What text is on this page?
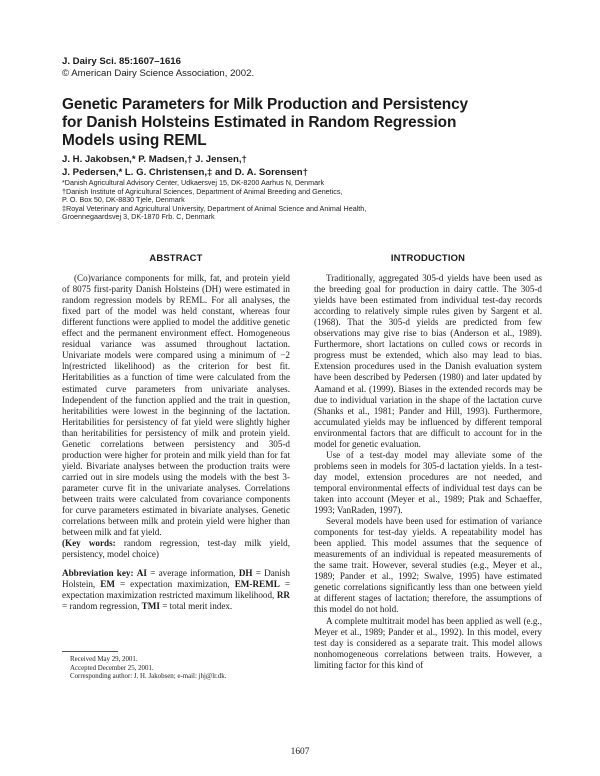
J. Dairy Sci. 85:1607–1616
© American Dairy Science Association, 2002.
Genetic Parameters for Milk Production and Persistency for Danish Holsteins Estimated in Random Regression Models using REML
J. H. Jakobsen,* P. Madsen,† J. Jensen,†
J. Pedersen,* L. G. Christensen,‡ and D. A. Sorensen†
*Danish Agricultural Advisory Center, Udkaersvej 15, DK-8200 Aarhus N, Denmark
†Danish Institute of Agricultural Sciences, Department of Animal Breeding and Genetics,
P. O. Box 50, DK-8830 Tjele, Denmark
‡Royal Veterinary and Agricultural University, Department of Animal Science and Animal Health,
Groennegaardsvej 3, DK-1870 Frb. C, Denmark
ABSTRACT

(Co)variance components for milk, fat, and protein yield of 8075 first-parity Danish Holsteins (DH) were estimated in random regression models by REML. For all analyses, the fixed part of the model was held constant, whereas four different functions were applied to model the additive genetic effect and the permanent environment effect. Homogeneous residual variance was assumed throughout lactation. Univariate models were compared using a minimum of −2 ln(restricted likelihood) as the criterion for best fit. Heritabilities as a function of time were calculated from the estimated curve parameters from univariate analyses. Independent of the function applied and the trait in question, heritabilities were lowest in the beginning of the lactation. Heritabilities for persistency of fat yield were slightly higher than heritabilities for persistency of milk and protein yield. Genetic correlations between persistency and 305-d production were higher for protein and milk yield than for fat yield. Bivariate analyses between the production traits were carried out in sire models using the models with the best 3-parameter curve fit in the univariate analyses. Correlations between traits were calculated from covariance components for curve parameters estimated in bivariate analyses. Genetic correlations between milk and protein yield were higher than between milk and fat yield.

(Key words: random regression, test-day milk yield, persistency, model choice)

Abbreviation key: AI = average information, DH = Danish Holstein, EM = expectation maximization, EM-REML = expectation maximization restricted maximum likelihood, RR = random regression, TMI = total merit index.

INTRODUCTION

Traditionally, aggregated 305-d yields have been used as the breeding goal for production in dairy cattle. The 305-d yields have been estimated from individual test-day records according to relatively simple rules given by Sargent et al. (1968). That the 305-d yields are predicted from few observations may give rise to bias (Anderson et al., 1989). Furthermore, short lactations on culled cows or records in progress must be extended, which also may lead to bias. Extension procedures used in the Danish evaluation system have been described by Pedersen (1980) and later updated by Aamand et al. (1999). Biases in the extended records may be due to individual variation in the shape of the lactation curve (Shanks et al., 1981; Pander and Hill, 1993). Furthermore, accumulated yields may be influenced by different temporal environmental factors that are difficult to account for in the model for genetic evaluation.

Use of a test-day model may alleviate some of the problems seen in models for 305-d lactation yields. In a test-day model, extension procedures are not needed, and temporal environmental effects of individual test days can be taken into account (Meyer et al., 1989; Ptak and Schaeffer, 1993; VanRaden, 1997).

Several models have been used for estimation of variance components for test-day yields. A repeatability model has been applied. This model assumes that the sequence of measurements of an individual is repeated measurements of the same trait. However, several studies (e.g., Meyer et al., 1989; Pander et al., 1992; Swalve, 1995) have estimated genetic correlations significantly less than one between yield at different stages of lactation; therefore, the assumptions of this model do not hold.

A complete multitrait model has been applied as well (e.g., Meyer et al., 1989; Pander et al., 1992). In this model, every test day is considered as a separate trait. This model allows nonhomogeneous correlations between traits. However, a limiting factor for this kind of

Received May 29, 2001.
Accepted December 25, 2001.
Corresponding author: J. H. Jakobsen; e-mail: jhj@lr.dk.
1607
